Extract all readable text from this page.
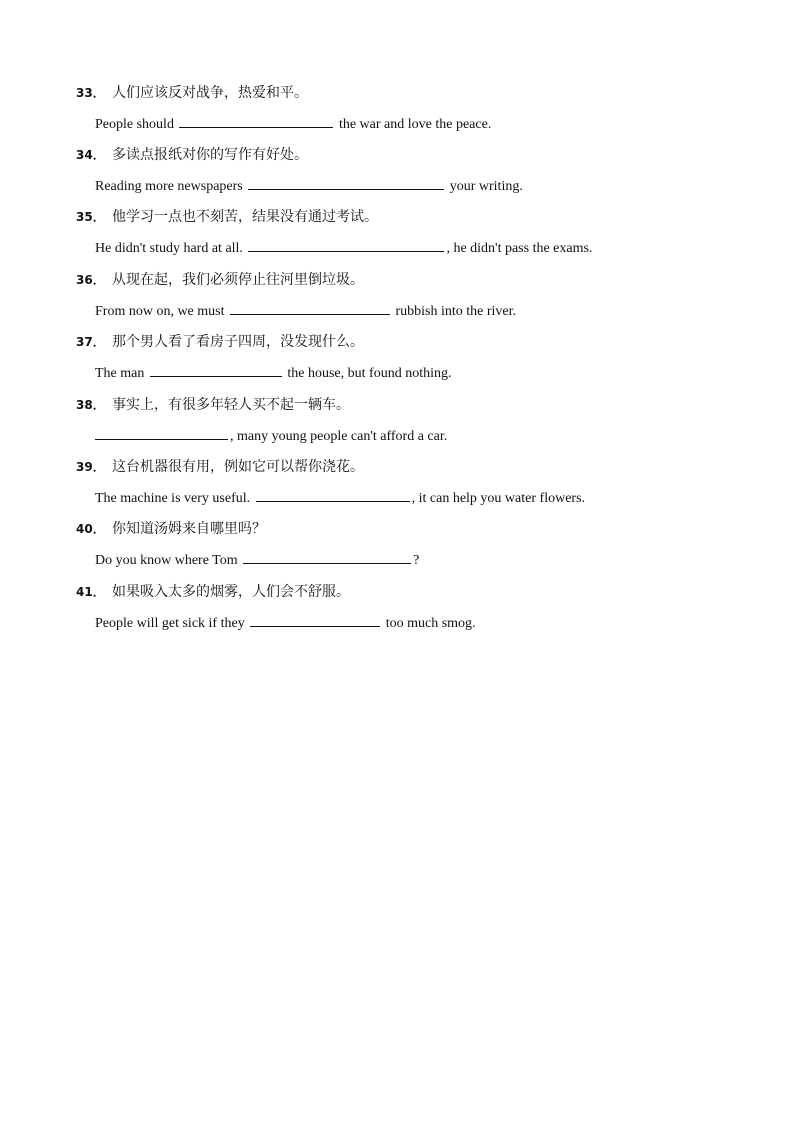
33． 人们应该反对战争，热爱和平。
People should	the war and love the peace.
34． 多读点报纸对你的写作有好处。
Reading more newspapers	your writing.
35． 他学习一点也不刻苦，结果没有通过考试。
He didn't study hard at all.	, he didn't pass the exams.
36． 从现在起，我们必须停止往河里倒垃圾。
From now on, we must	rubbish into the river.
37． 那个男人看了看房子四周，没发现什么。
The man	the house, but found nothing.
38． 事实上，有很多年轻人买不起一辆车。
, many young people can't afford a car.
39． 这台机器很有用，例如它可以帮你浇花。
The machine is very useful.	, it can help you water flowers.
40． 你知道汤姆来自哪里吗？
Do you know where Tom	?
41． 如果吸入太多的烟雾，人们会不舒服。
People will get sick if they	too much smog.
